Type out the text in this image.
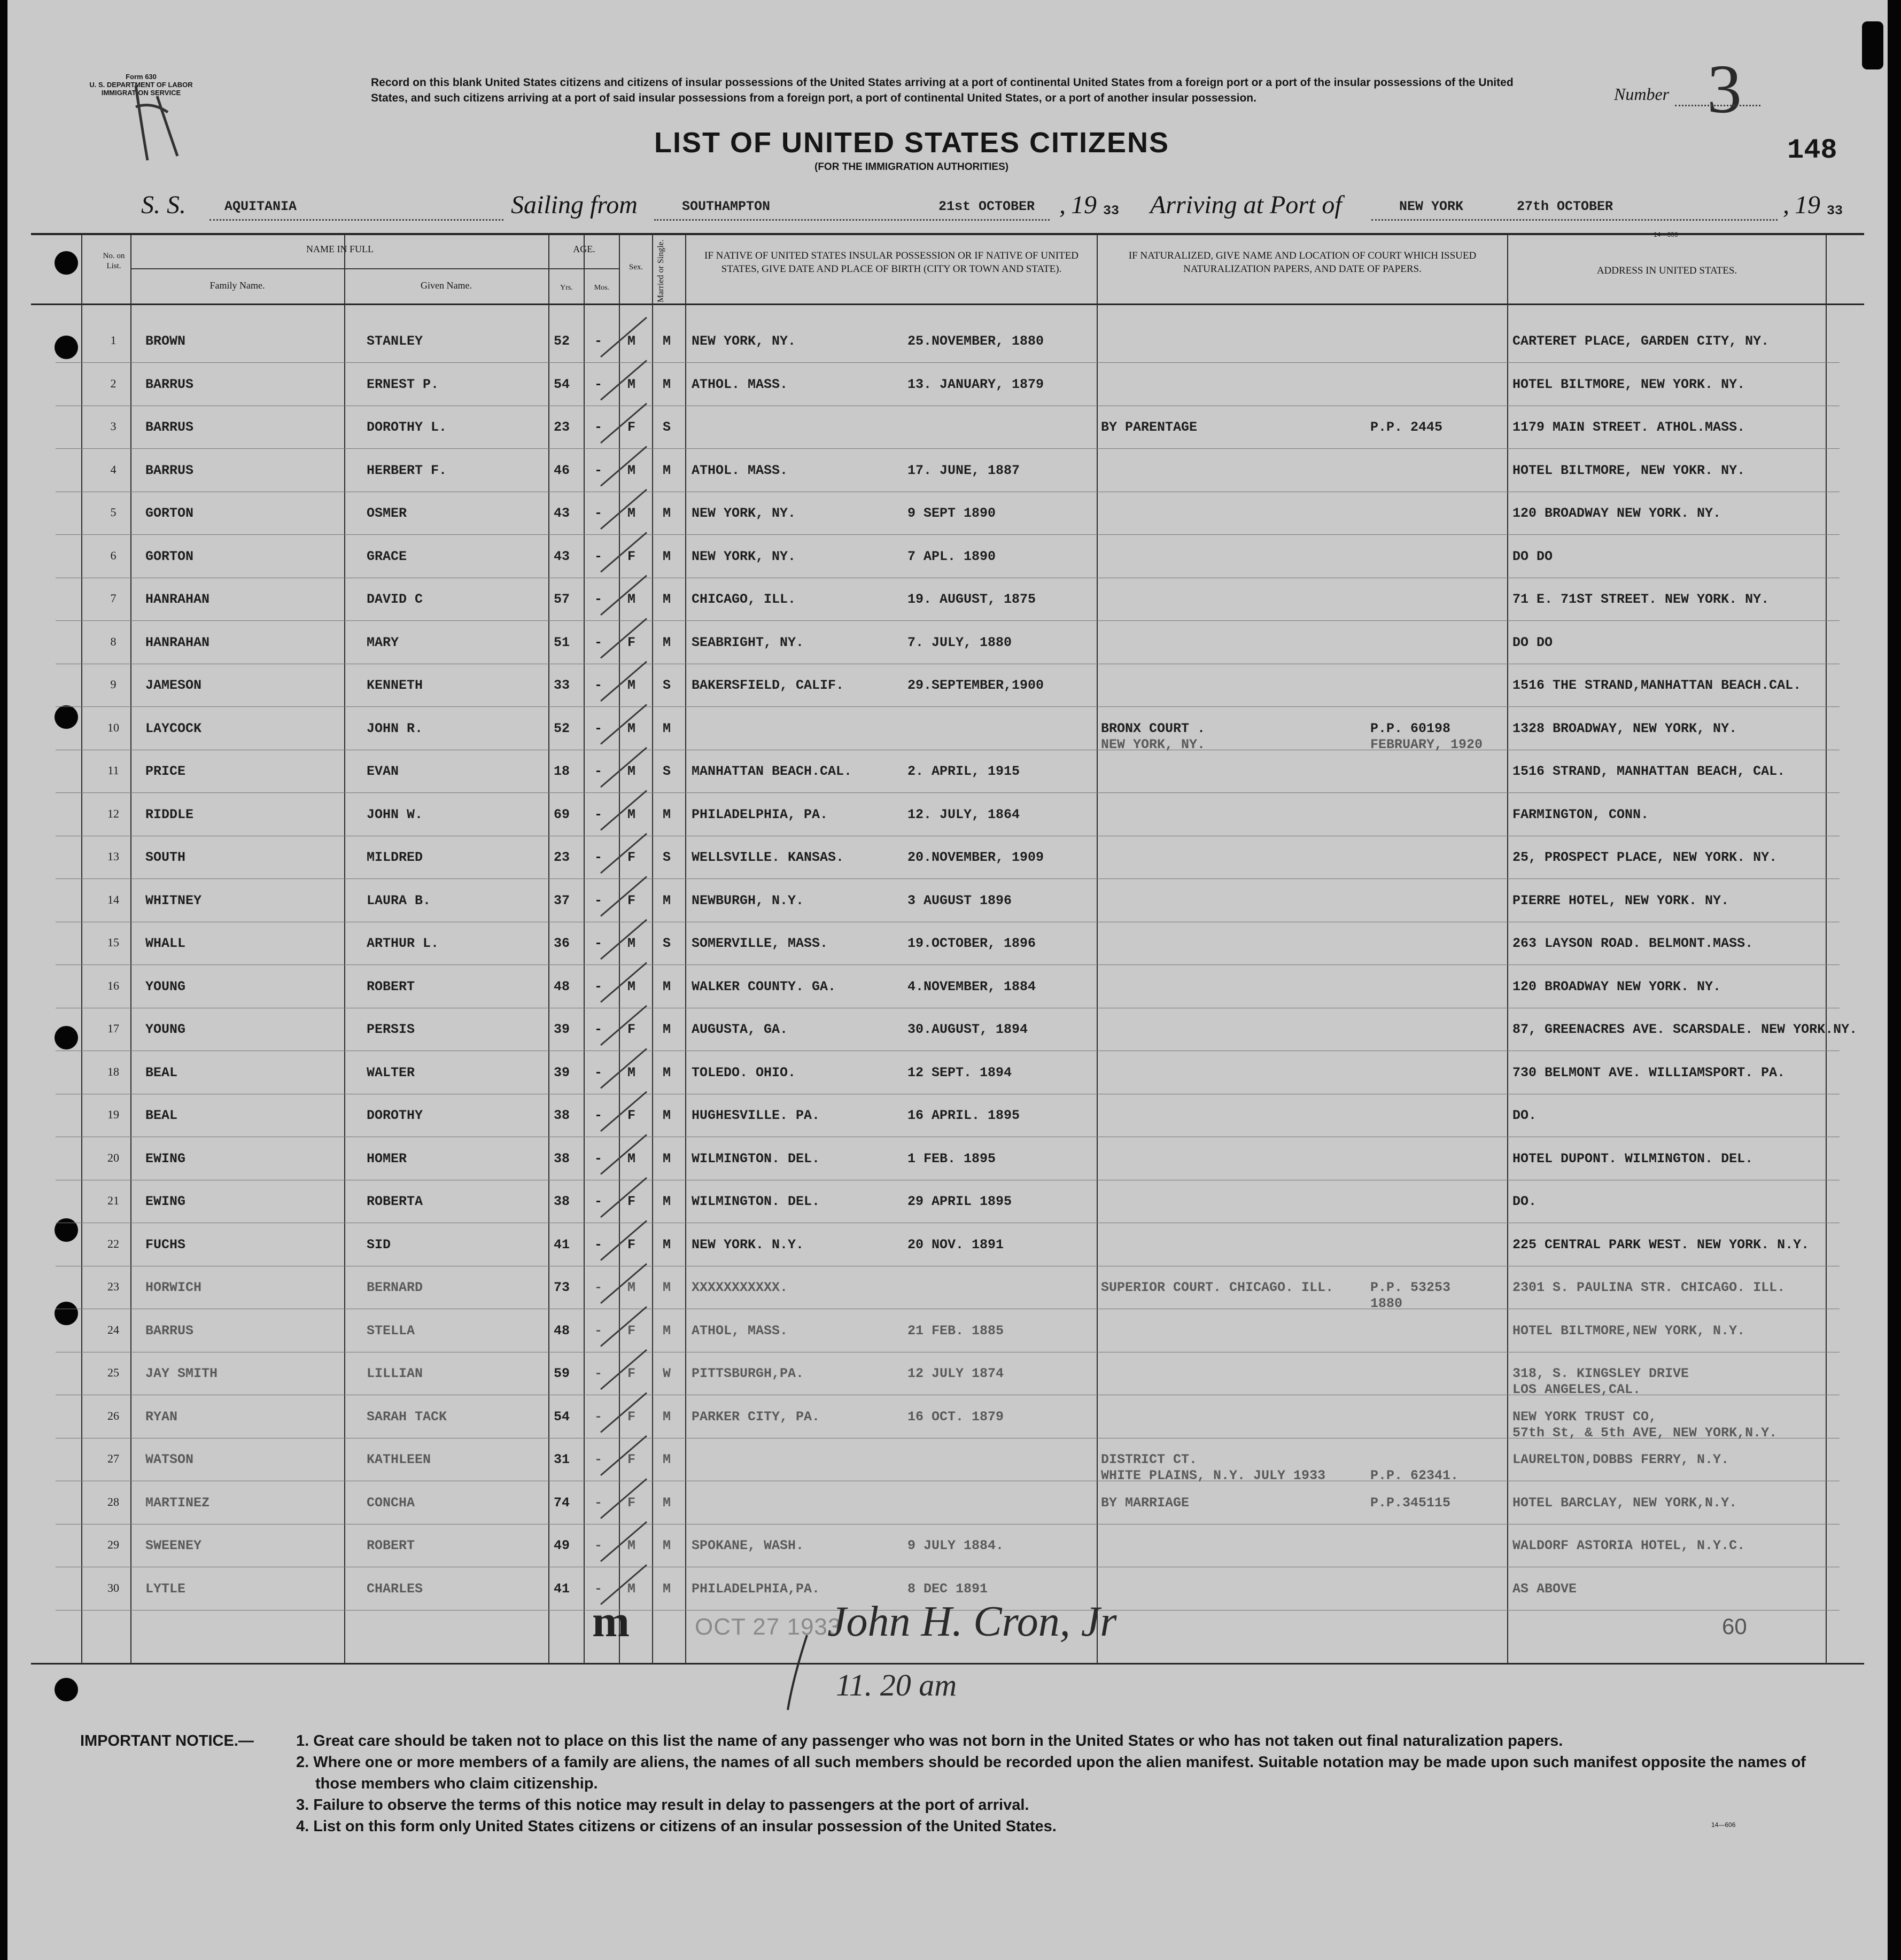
Form 630
U. S. DEPARTMENT OF LABOR
IMMIGRATION SERVICE
Record on this blank United States citizens and citizens of insular possessions of the United States arriving at a port of continental United States from a foreign port or a port of the insular possessions of the United States, and such citizens arriving at a port of said insular possessions from a foreign port, a port of continental United States, or a port of another insular possession.	Number 3
148
LIST OF UNITED STATES CITIZENS
(FOR THE IMMIGRATION AUTHORITIES)
S. S.	AQUITANIA	Sailing from	SOUTHAMPTON	21st OCTOBER , 19 33 Arriving at Port of	NEW YORK	27th OCTOBER	, 19 33
No. on List.
NAME IN FULL
Family Name.	Given Name.
AGE.
Yrs.	Mos.
Sex.	Married or Single.	IF NATIVE OF UNITED STATES INSULAR POSSESSION OR IF NATIVE OF UNITED STATES, GIVE DATE AND PLACE OF BIRTH (CITY OR TOWN AND STATE).
IF NATURALIZED, GIVE NAME AND LOCATION OF COURT WHICH ISSUED NATURALIZATION PAPERS, AND DATE OF PAPERS.	ADDRESS IN UNITED STATES.
1	BROWN	STANLEY	52 - M M NEW YORK, NY.	25.NOVEMBER, 1880	CARTERET PLACE, GARDEN CITY, NY.
2	BARRUS	ERNEST P.	54 - M M ATHOL. MASS.	13. JANUARY, 1879	HOTEL BILTMORE, NEW YORK. NY.
3	BARRUS	DOROTHY L.	23 - F S	BY PARENTAGE	P.P. 2445	1179 MAIN STREET. ATHOL.MASS.
4	BARRUS	HERBERT F.	46 - M M ATHOL. MASS.	17. JUNE, 1887	HOTEL BILTMORE, NEW YOKR. NY.
5	GORTON	OSMER	43 - M M NEW YORK, NY.	9 SEPT 1890	120 BROADWAY NEW YORK. NY.
6	GORTON	GRACE	43 - F M NEW YORK, NY.	7 APL. 1890	DO DO
7	HANRAHAN	DAVID C	57 - M M CHICAGO, ILL.	19. AUGUST, 1875	71 E. 71ST STREET. NEW YORK. NY.
8	HANRAHAN	MARY	51 - F M SEABRIGHT, NY.	7. JULY, 1880	DO DO
9	JAMESON	KENNETH	33 - M S BAKERSFIELD, CALIF.	29.SEPTEMBER,1900	1516 THE STRAND,MANHATTAN BEACH.CAL.
10	LAYCOCK	JOHN R.	52 - M M	BRONX COURT .	P.P. 60198	1328 BROADWAY, NEW YORK, NY.
NEW YORK, NY.	FEBRUARY, 1920
11	PRICE	EVAN	18 - M S MANHATTAN BEACH.CAL.	2. APRIL, 1915	1516 STRAND, MANHATTAN BEACH, CAL.
12	RIDDLE	JOHN W.	69 - M M PHILADELPHIA, PA.	12. JULY, 1864	FARMINGTON, CONN.
13	SOUTH	MILDRED	23 - F S WELLSVILLE. KANSAS.	20.NOVEMBER, 1909	25, PROSPECT PLACE, NEW YORK. NY.
14	WHITNEY	LAURA B.	37 - F M NEWBURGH, N.Y.	3 AUGUST 1896	PIERRE HOTEL, NEW YORK. NY.
15	WHALL	ARTHUR L.	36 - M S SOMERVILLE, MASS.	19.OCTOBER, 1896	263 LAYSON ROAD. BELMONT.MASS.
16	YOUNG	ROBERT	48 - M M WALKER COUNTY. GA.	4.NOVEMBER, 1884	120 BROADWAY NEW YORK. NY.
17	YOUNG	PERSIS	39 - F M AUGUSTA, GA.	30.AUGUST, 1894	87, GREENACRES AVE. SCARSDALE. NEW YORK.NY.
18	BEAL	WALTER	39 - M M TOLEDO. OHIO.	12 SEPT. 1894	730 BELMONT AVE. WILLIAMSPORT. PA.
19	BEAL	DOROTHY	38 - F M HUGHESVILLE. PA.	16 APRIL. 1895	DO.
20	EWING	HOMER	38 - M M WILMINGTON. DEL.	1 FEB. 1895	HOTEL DUPONT. WILMINGTON. DEL.
21	EWING	ROBERTA	38 - F M WILMINGTON. DEL.	29 APRIL 1895	DO.
22	FUCHS	SID	41 - F M NEW YORK. N.Y.	20 NOV. 1891	225 CENTRAL PARK WEST. NEW YORK. N.Y.
23	HORWICH	BERNARD	73 - M M XXXXXXXXXXX.	SUPERIOR COURT. CHICAGO. ILL.	P.P. 53253	2301 S. PAULINA STR. CHICAGO. ILL.
1880
24	BARRUS	STELLA	48 - F M ATHOL, MASS.	21 FEB. 1885	HOTEL BILTMORE,NEW YORK, N.Y.
25	JAY SMITH	LILLIAN	59 - F W PITTSBURGH,PA.	12 JULY 1874	318, S. KINGSLEY DRIVE
LOS ANGELES,CAL.
26	RYAN	SARAH TACK	54 - F M PARKER CITY, PA.	16 OCT. 1879	NEW YORK TRUST CO,
57th St, & 5th AVE, NEW YORK,N.Y.
27	WATSON	KATHLEEN	31 - F M	DISTRICT CT.	LAURELTON,DOBBS FERRY, N.Y.
WHITE PLAINS, N.Y. JULY 1933	P.P. 62341.
28	MARTINEZ	CONCHA	74 - F M	BY MARRIAGE	P.P.345115	HOTEL BARCLAY, NEW YORK,N.Y.
29	SWEENEY	ROBERT	49 - M M SPOKANE, WASH.	9 JULY 1884.	WALDORF ASTORIA HOTEL, N.Y.C.
30	LYTLE	CHARLES	41 - M M PHILADELPHIA,PA.	8 DEC 1891	AS ABOVE
m	OCT 27 1933
John H. Cron, Jr
11. 20 am
60
IMPORTANT NOTICE.—	1. Great care should be taken not to place on this list the name of any passenger who was not born in the United States or who has not taken out final naturalization papers.
2. Where one or more members of a family are aliens, the names of all such members should be recorded upon the alien manifest. Suitable notation may be made upon such manifest opposite the names of those members who claim citizenship.
3. Failure to observe the terms of this notice may result in delay to passengers at the port of arrival.
4. List on this form only United States citizens or citizens of an insular possession of the United States.	14—606
